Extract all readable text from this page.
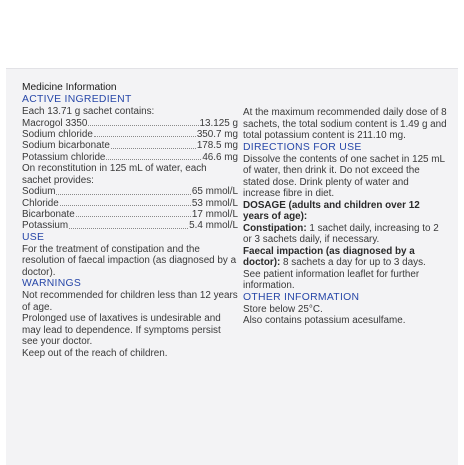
Medicine Information
ACTIVE INGREDIENT

Each 13.71 g sachet contains:

Macrogol 3350	13.125 g
Sodium chloride	350.7 mg
Sodium bicarbonate	178.5 mg
Potassium chloride	46.6 mg

On reconstitution in 125 mL of water, each sachet provides:

Sodium	65 mmol/L
Chloride	53 mmol/L
Bicarbonate	17 mmol/L
Potassium	5.4 mmol/L
USE

For the treatment of constipation and the resolution of faecal impaction (as diagnosed by a doctor).

WARNINGS

Not recommended for children less than 12 years of age.

Prolonged use of laxatives is undesirable and may lead to dependence. If symptoms persist see your doctor.

Keep out of the reach of children.

At the maximum recommended daily dose of 8 sachets, the total sodium content is 1.49 g and total potassium content is 211.10 mg.

DIRECTIONS FOR USE

Dissolve the contents of one sachet in 125 mL of water, then drink it. Do not exceed the stated dose. Drink plenty of water and increase fibre in diet.

DOSAGE (adults and children over 12 years of age):

Constipation: 1 sachet daily, increasing to 2 or 3 sachets daily, if necessary.

Faecal impaction (as diagnosed by a doctor): 8 sachets a day for up to 3 days.

See patient information leaflet for further information.

OTHER INFORMATION

Store below 25°C.

Also contains potassium acesulfame.
